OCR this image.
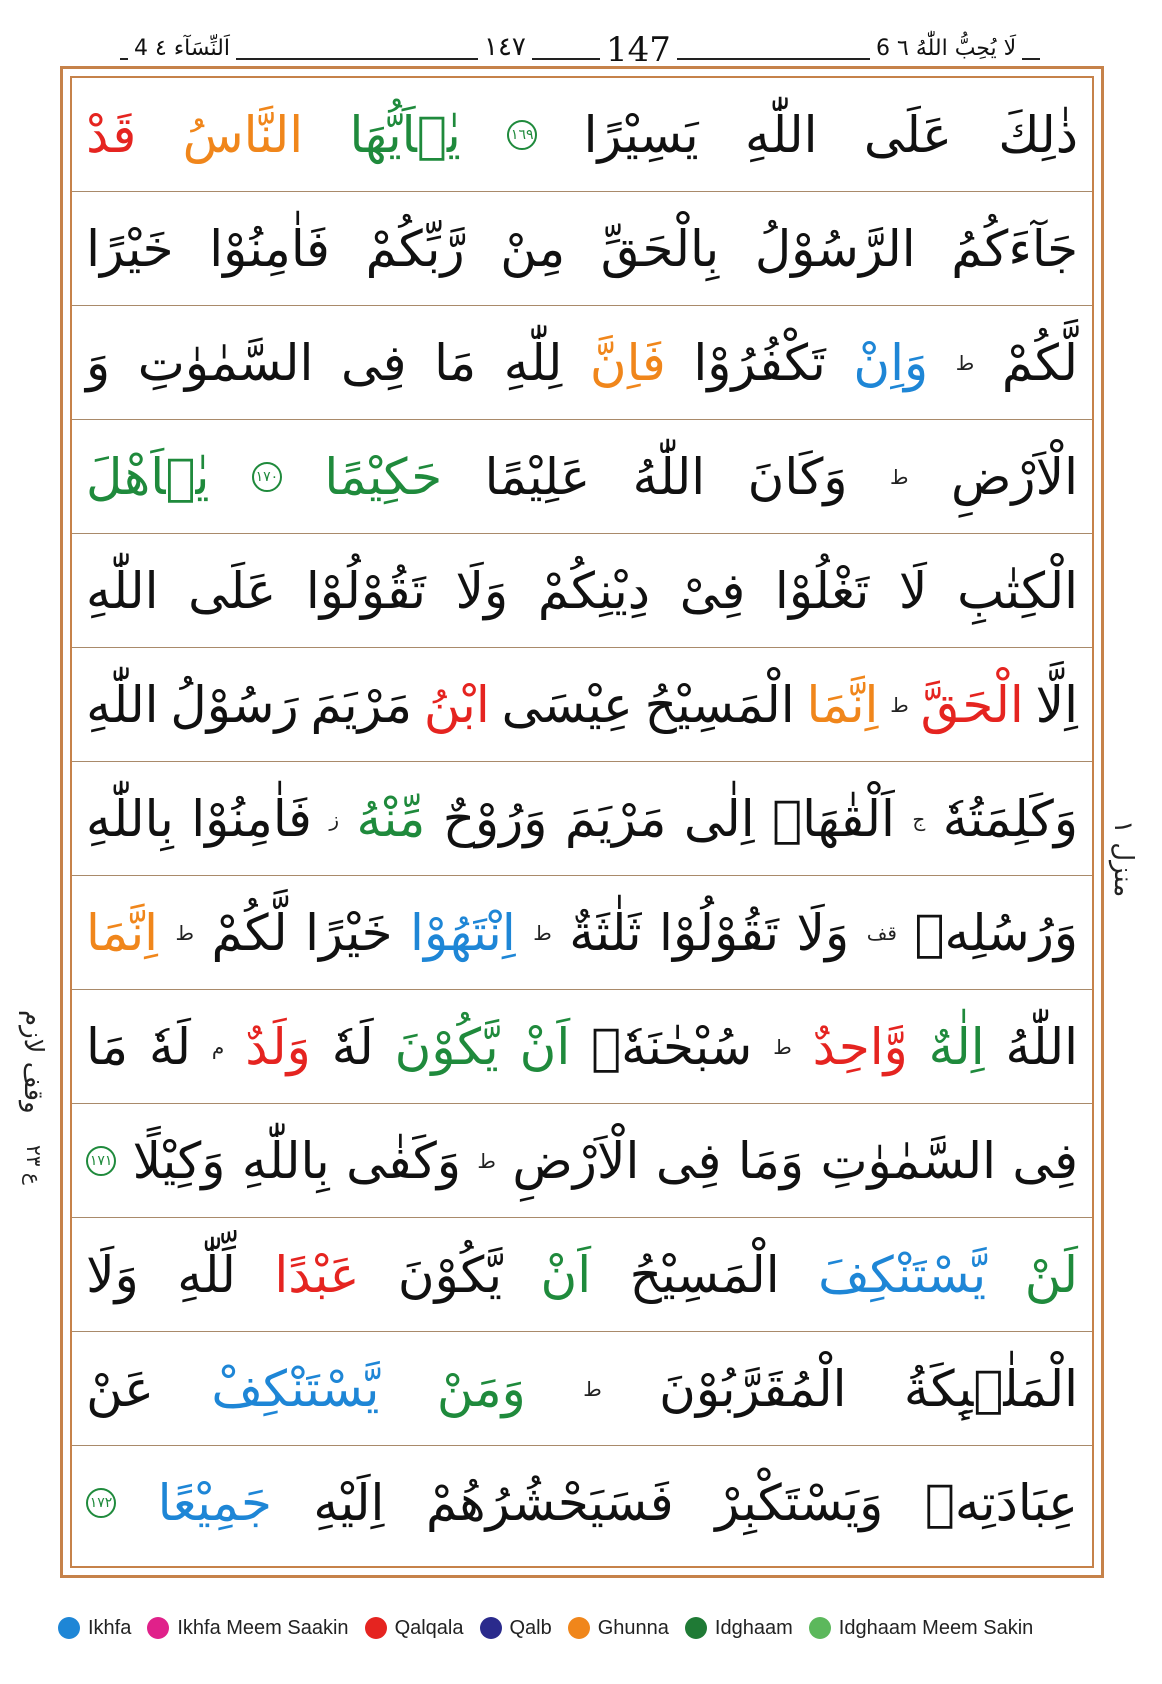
4 اَلنِّسَآء ٤	١٤٧ 147	6 لَا يُحِبُّ اللّٰهُ ٦
ذٰلِكَ
عَلَى
اللّٰهِ
يَسِيْرًا
١٦٩
يٰۤاَيُّهَا
النَّاسُ
قَدْ
جَآءَكُمُ
الرَّسُوْلُ
بِالْحَقِّ
مِنْ
رَّبِّكُمْ
فَاٰمِنُوْا
خَيْرًا
لَّكُمْ
ط
وَاِنْ
تَكْفُرُوْا
فَاِنَّ
لِلّٰهِ
مَا
فِى
السَّمٰوٰتِ
وَ
الْاَرْضِ
ط
وَكَانَ
اللّٰهُ
عَلِيْمًا
حَكِيْمًا
١٧٠
يٰۤاَهْلَ
الْكِتٰبِ
لَا
تَغْلُوْا
فِىْ
دِيْنِكُمْ
وَلَا
تَقُوْلُوْا
عَلَى
اللّٰهِ
اِلَّا
الْحَقَّ
ط
اِنَّمَا
الْمَسِيْحُ
عِيْسَى
ابْنُ
مَرْيَمَ
رَسُوْلُ
اللّٰهِ
وَكَلِمَتُهٗ
ج
اَلْقٰهَاۤ
اِلٰى
مَرْيَمَ
وَرُوْحٌ
مِّنْهُ
ز
فَاٰمِنُوْا
بِاللّٰهِ
وَرُسُلِهٖ
قف
وَلَا
تَقُوْلُوْا
ثَلٰثَةٌ
ط
اِنْتَهُوْا
خَيْرًا
لَّكُمْ
ط
اِنَّمَا
اللّٰهُ
اِلٰهٌ
وَّاحِدٌ
ط
سُبْحٰنَهٗۤ
اَنْ
يَّكُوْنَ
لَهٗ
وَلَدٌ
م
لَهٗ
مَا
فِى
السَّمٰوٰتِ
وَمَا
فِى
الْاَرْضِ
ط
وَكَفٰى
بِاللّٰهِ
وَكِيْلًا
١٧١
لَنْ
يَّسْتَنْكِفَ
الْمَسِيْحُ
اَنْ
يَّكُوْنَ
عَبْدًا
لِّلّٰهِ
وَلَا
الْمَلٰۤىِٕكَةُ
الْمُقَرَّبُوْنَ
ط
وَمَنْ
يَّسْتَنْكِفْ
عَنْ
عِبَادَتِهٖ
وَيَسْتَكْبِرْ
فَسَيَحْشُرُهُمْ
اِلَيْهِ
جَمِيْعًا
١٧٢
منزل ١
وقف لازم
ع ٢٣
Ikhfa Ikhfa Meem Saakin Qalqala Qalb Ghunna Idghaam Idghaam Meem Sakin
